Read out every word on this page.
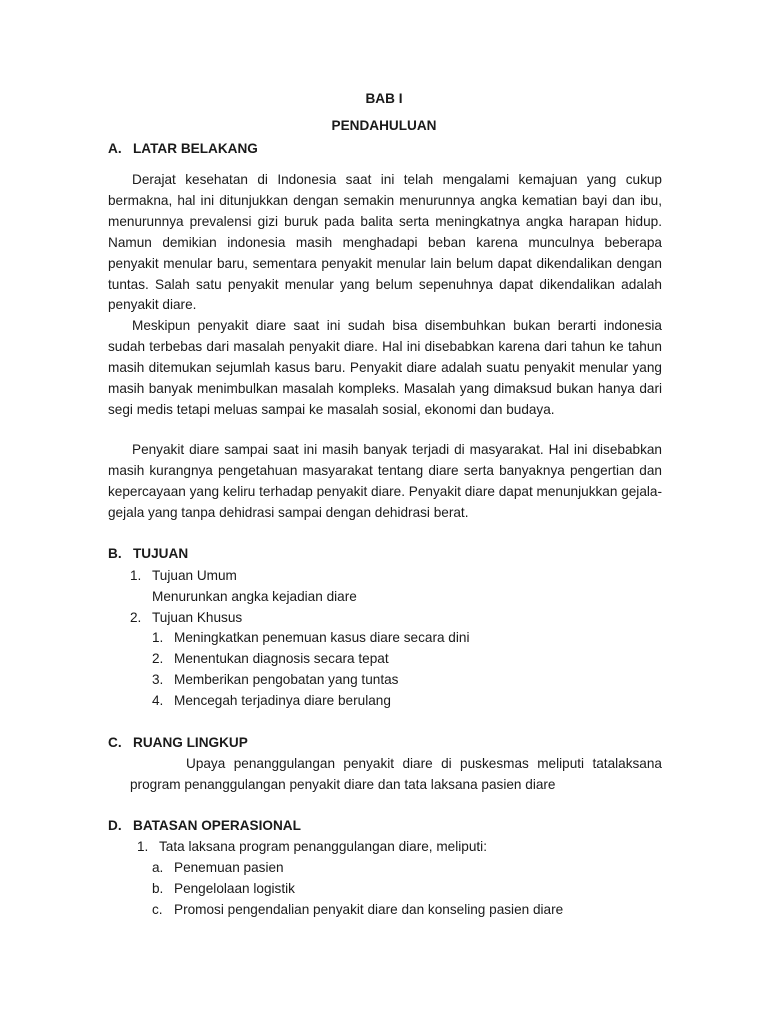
BAB I
PENDAHULUAN
A. LATAR BELAKANG

Derajat kesehatan di Indonesia saat ini telah mengalami kemajuan yang cukup bermakna, hal ini ditunjukkan dengan semakin menurunnya angka kematian bayi dan ibu, menurunnya prevalensi gizi buruk pada balita serta meningkatnya angka harapan hidup. Namun demikian indonesia masih menghadapi beban karena munculnya beberapa penyakit menular baru, sementara penyakit menular lain belum dapat dikendalikan dengan tuntas. Salah satu penyakit menular yang belum sepenuhnya dapat dikendalikan adalah penyakit diare.

Meskipun penyakit diare saat ini sudah bisa disembuhkan bukan berarti indonesia sudah terbebas dari masalah penyakit diare. Hal ini disebabkan karena dari tahun ke tahun masih ditemukan sejumlah kasus baru. Penyakit diare adalah suatu penyakit menular yang masih banyak menimbulkan masalah kompleks. Masalah yang dimaksud bukan hanya dari segi medis tetapi meluas sampai ke masalah sosial, ekonomi dan budaya.

Penyakit diare sampai saat ini masih banyak terjadi di masyarakat. Hal ini disebabkan masih kurangnya pengetahuan masyarakat tentang diare serta banyaknya pengertian dan kepercayaan yang keliru terhadap penyakit diare. Penyakit diare dapat menunjukkan gejala-gejala yang tanpa dehidrasi sampai dengan dehidrasi berat.

B. TUJUAN
1. Tujuan Umum
Menurunkan angka kejadian diare
2. Tujuan Khusus
1. Meningkatkan penemuan kasus diare secara dini
2. Menentukan diagnosis secara tepat
3. Memberikan pengobatan yang tuntas
4. Mencegah terjadinya diare berulang
C. RUANG LINGKUP
Upaya penanggulangan penyakit diare di puskesmas meliputi tatalaksana
program penanggulangan penyakit diare dan tata laksana pasien diare
D. BATASAN OPERASIONAL
1. Tata laksana program penanggulangan diare, meliputi:
a. Penemuan pasien
b. Pengelolaan logistik
c. Promosi pengendalian penyakit diare dan konseling pasien diare
